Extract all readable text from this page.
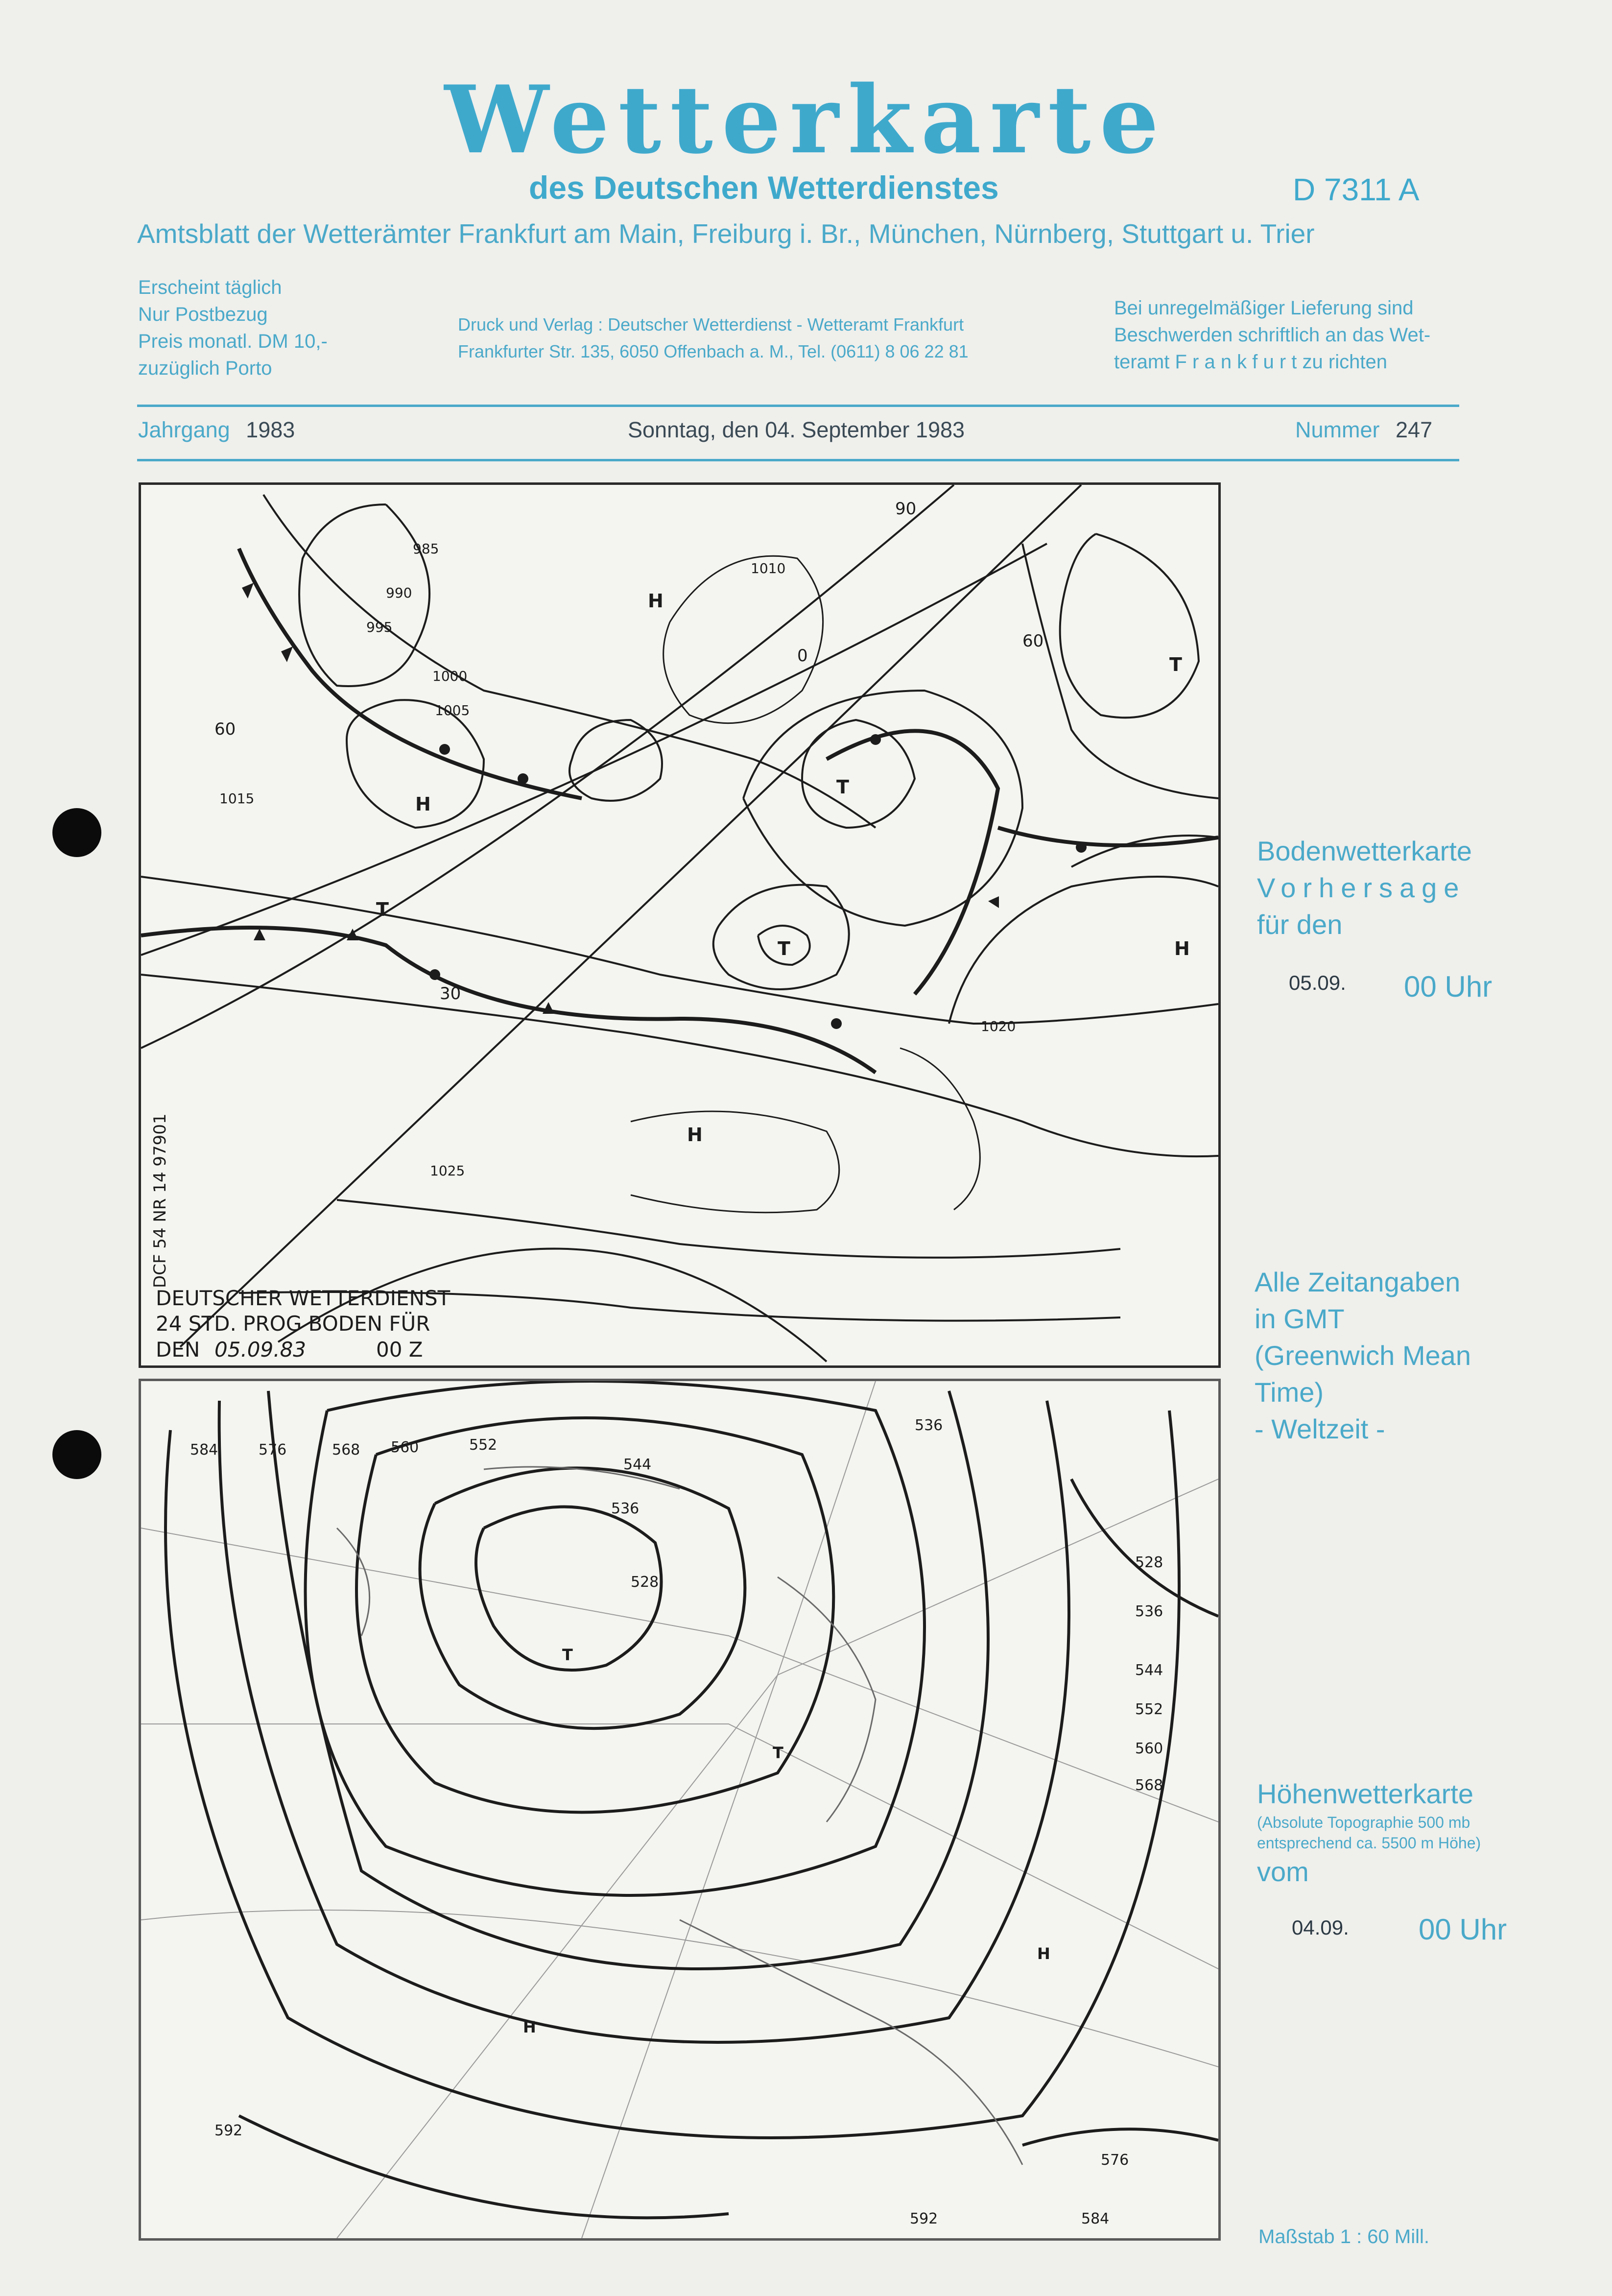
Wetterkarte
des Deutschen Wetterdienstes	D 7311 A
Amtsblatt der Wetterämter Frankfurt am Main, Freiburg i. Br., München, Nürnberg, Stuttgart u. Trier
Erscheint täglich
Nur Postbezug
Preis monatl. DM 10,-
zuzüglich Porto
Druck und Verlag : Deutscher Wetterdienst - Wetteramt Frankfurt
Frankfurter Str. 135, 6050 Offenbach a. M., Tel. (0611) 8 06 22 81
Bei unregelmäßiger Lieferung sind
Beschwerden schriftlich an das Wet-
teramt F r a n k f u r t zu richten
Jahrgang 1983	Sonntag, den 04. September 1983	Nummer 247
985
990
995
1000
1005
1010
1015
1020
1025
H
H
H
H
T
T
T
T
60
30
0
60
90
DCF 54 NR 14 97901
DEUTSCHER WETTERDIENST
24 STD. PROG BODEN FÜR
DEN 05.09.83	00 Z
528
536
544
552
560
568
576
584
592
536
528
536
544
552
560
568
576
584
592
T
T
H
H
Bodenwetterkarte
Vorhersage
für den
05.09. 00 Uhr
Alle Zeitangaben
in GMT
(Greenwich Mean
Time)
- Weltzeit -
Höhenwetterkarte
(Absolute Topographie 500 mb
entsprechend ca. 5500 m Höhe)
vom
04.09. 00 Uhr
Maßstab 1 : 60 Mill.
